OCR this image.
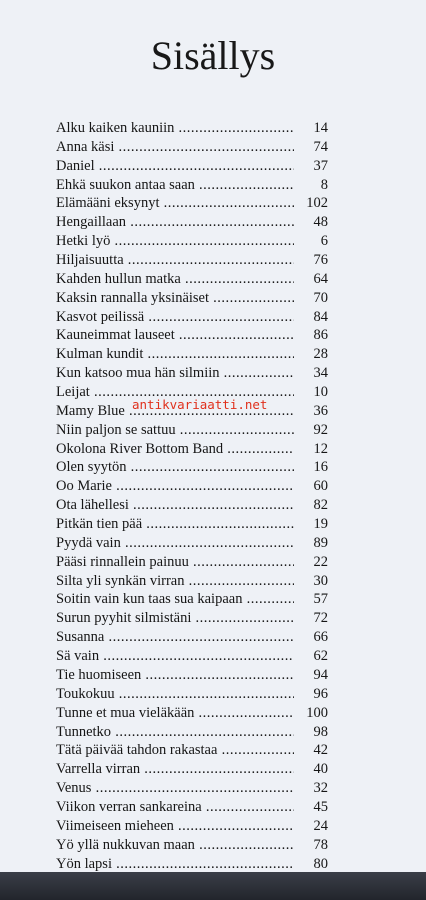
Sisällys
Alku kaiken kauniin .....	14
Anna käsi .....	74
Daniel .....	37
Ehkä suukon antaa saan .....	8
Elämääni eksynyt .....	102
Hengaillaan .....	48
Hetki lyö .....	6
Hiljaisuutta .....	76
Kahden hullun matka .....	64
Kaksin rannalla yksinäiset .....	70
Kasvot peilissä .....	84
Kauneimmat lauseet .....	86
Kulman kundit .....	28
Kun katsoo mua hän silmiin .....	34
Leijat .....	10
Mamy Blue .....	36
Niin paljon se sattuu .....	92
Okolona River Bottom Band .....	12
Olen syytön .....	16
Oo Marie .....	60
Ota lähellesi .....	82
Pitkän tien pää .....	19
Pyydä vain .....	89
Pääsi rinnallein painuu .....	22
Silta yli synkän virran .....	30
Soitin vain kun taas sua kaipaan .....	57
Surun pyyhit silmistäni .....	72
Susanna .....	66
Sä vain .....	62
Tie huomiseen .....	94
Toukokuu .....	96
Tunne et mua vieläkään .....	100
Tunnetko .....	98
Tätä päivää tahdon rakastaa .....	42
Varrella virran .....	40
Venus .....	32
Viikon verran sankareina .....	45
Viimeiseen mieheen .....	24
Yö yllä nukkuvan maan .....	78
Yön lapsi .....	80
antikvariaatti.net
